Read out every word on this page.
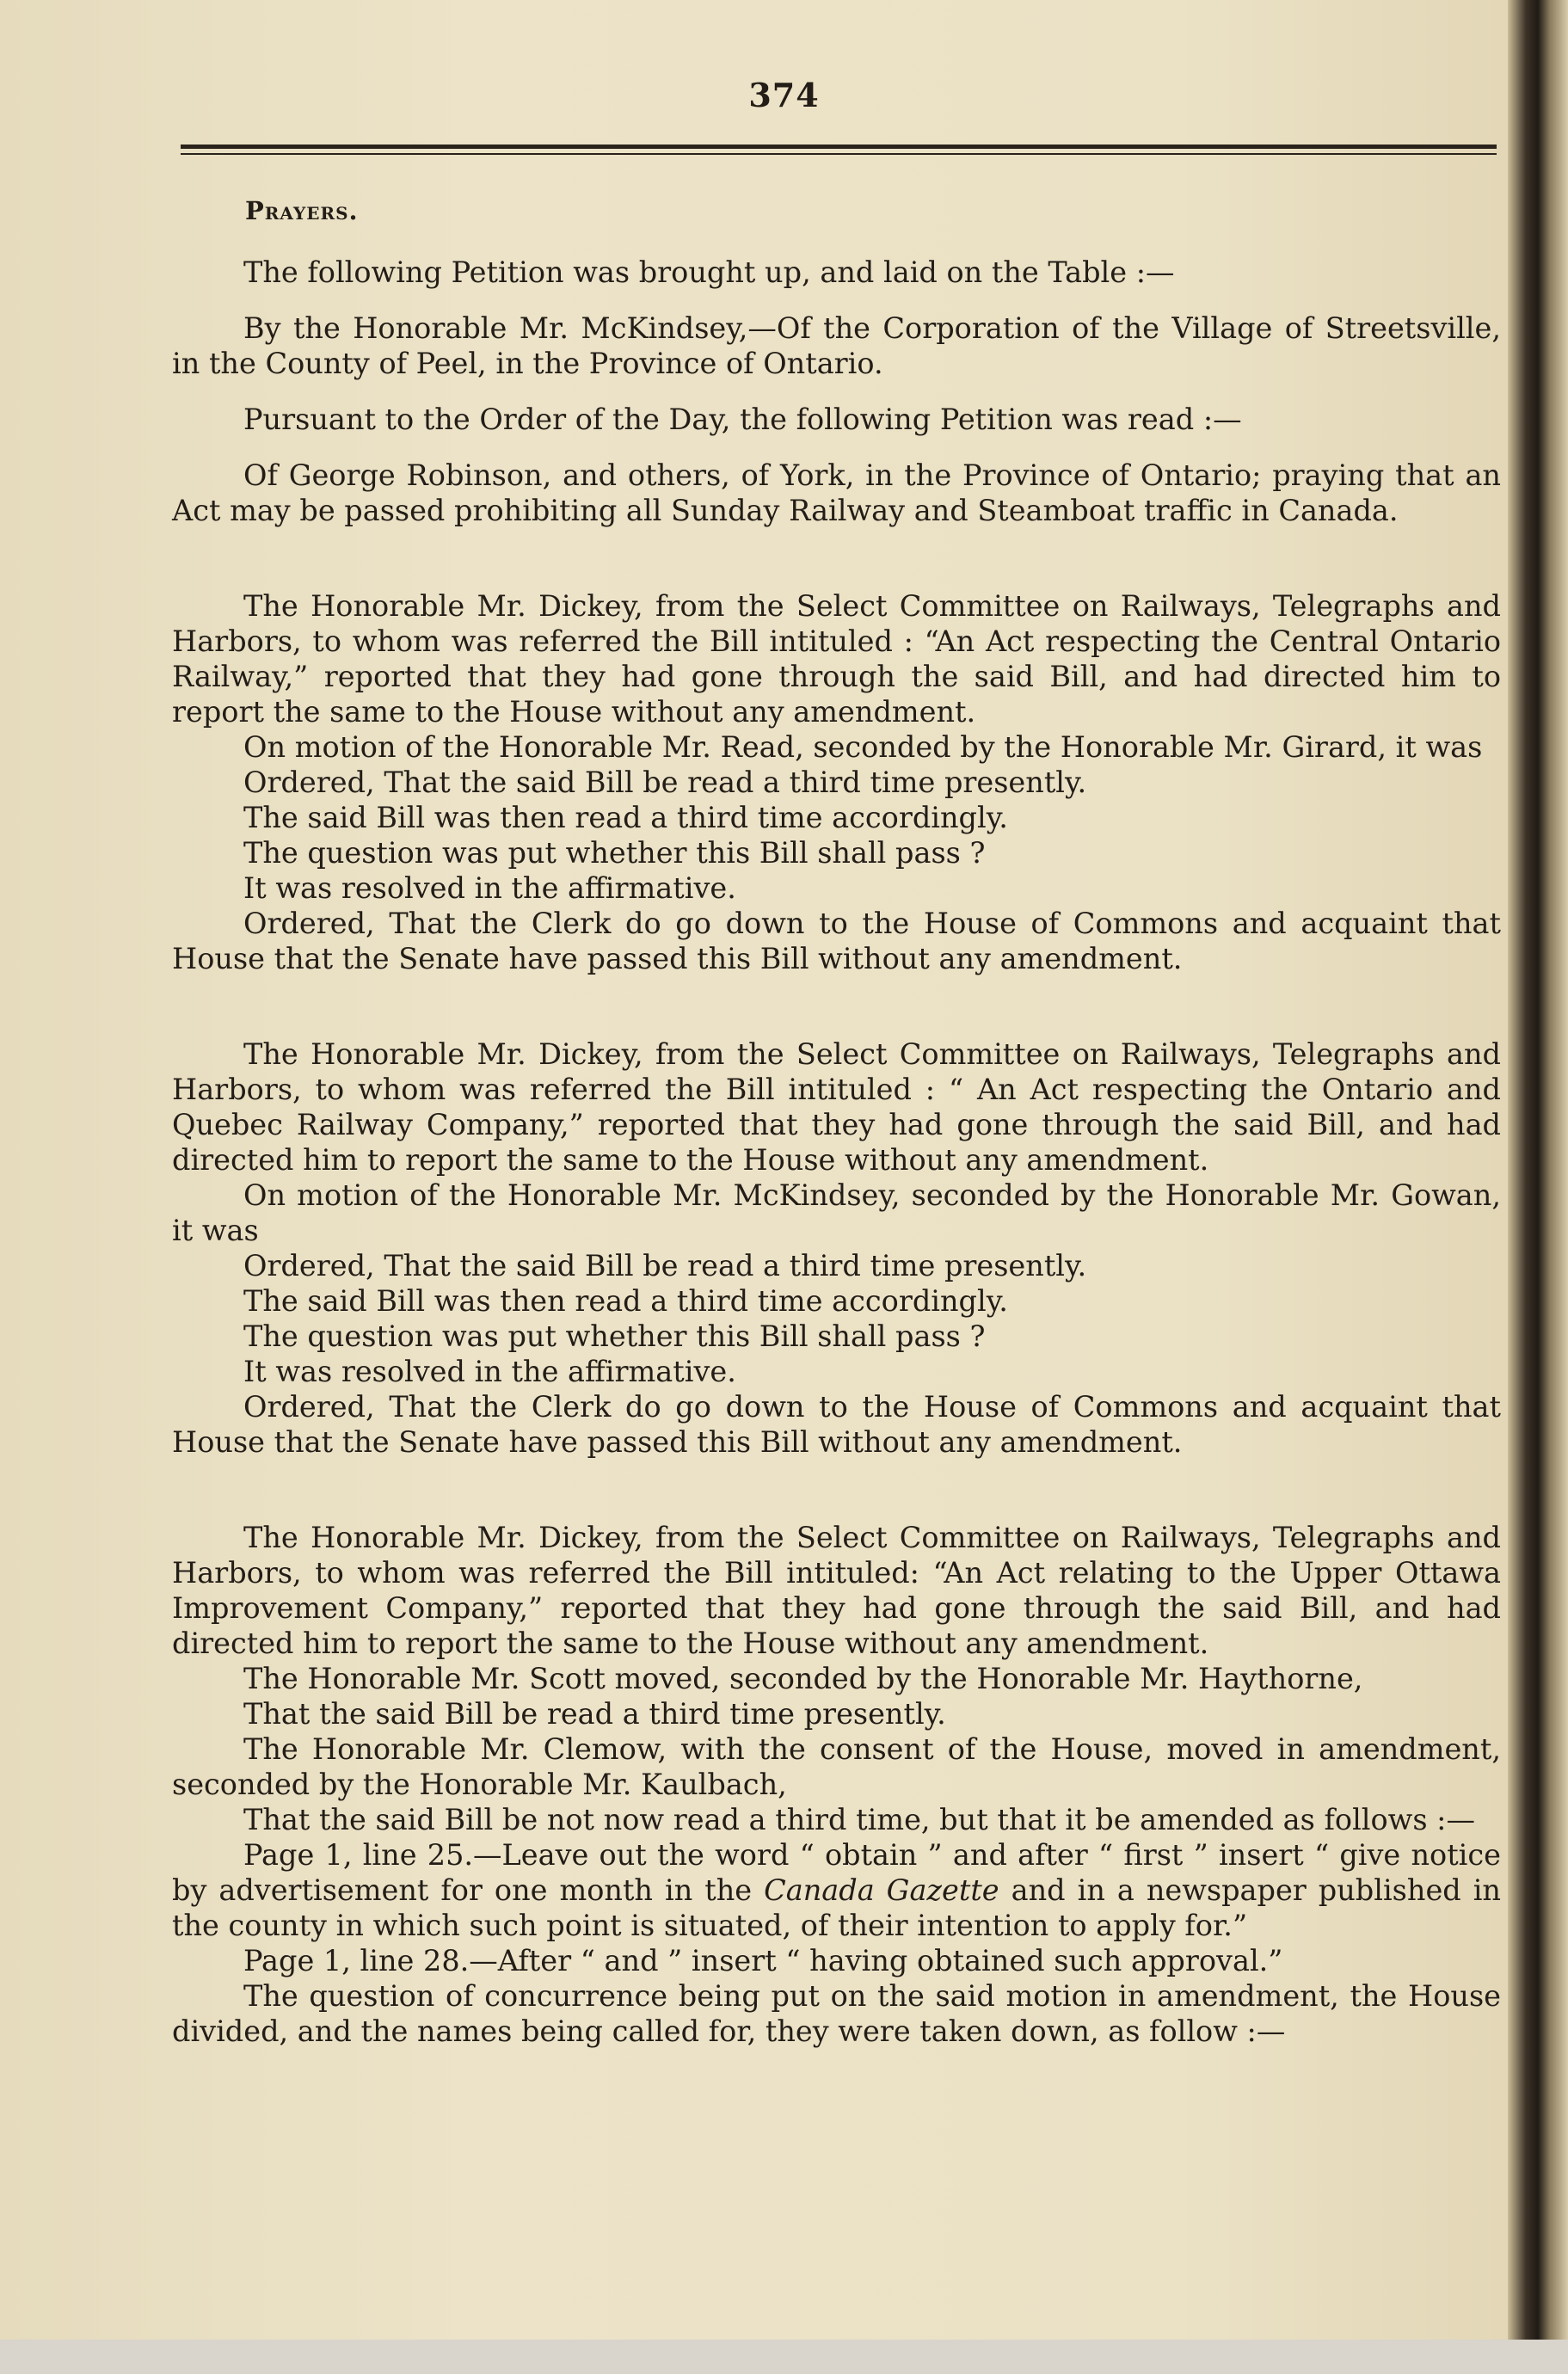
374

Prayers.

The following Petition was brought up, and laid on the Table :—

By the Honorable Mr. McKindsey,—Of the Corporation of the Village of Streetsville, in the County of Peel, in the Province of Ontario.

Pursuant to the Order of the Day, the following Petition was read :—

Of George Robinson, and others, of York, in the Province of Ontario; praying that an Act may be passed prohibiting all Sunday Railway and Steamboat traffic in Canada.

The Honorable Mr. Dickey, from the Select Committee on Railways, Telegraphs and Harbors, to whom was referred the Bill intituled : “An Act respecting the Central Ontario Railway,” reported that they had gone through the said Bill, and had directed him to report the same to the House without any amendment.

On motion of the Honorable Mr. Read, seconded by the Honorable Mr. Girard, it was

Ordered, That the said Bill be read a third time presently.

The said Bill was then read a third time accordingly.

The question was put whether this Bill shall pass ?

It was resolved in the affirmative.

Ordered, That the Clerk do go down to the House of Commons and acquaint that House that the Senate have passed this Bill without any amendment.

The Honorable Mr. Dickey, from the Select Committee on Railways, Telegraphs and Harbors, to whom was referred the Bill intituled : “ An Act respecting the Ontario and Quebec Railway Company,” reported that they had gone through the said Bill, and had directed him to report the same to the House without any amendment.

On motion of the Honorable Mr. McKindsey, seconded by the Honorable Mr. Gowan, it was

Ordered, That the said Bill be read a third time presently.

The said Bill was then read a third time accordingly.

The question was put whether this Bill shall pass ?

It was resolved in the affirmative.

Ordered, That the Clerk do go down to the House of Commons and acquaint that House that the Senate have passed this Bill without any amendment.

The Honorable Mr. Dickey, from the Select Committee on Railways, Telegraphs and Harbors, to whom was referred the Bill intituled: “An Act relating to the Upper Ottawa Improvement Company,” reported that they had gone through the said Bill, and had directed him to report the same to the House without any amendment.

The Honorable Mr. Scott moved, seconded by the Honorable Mr. Haythorne,

That the said Bill be read a third time presently.

The Honorable Mr. Clemow, with the consent of the House, moved in amendment, seconded by the Honorable Mr. Kaulbach,

That the said Bill be not now read a third time, but that it be amended as follows :—

Page 1, line 25.—Leave out the word “ obtain ” and after “ first ” insert “ give notice by advertisement for one month in the Canada Gazette and in a newspaper published in the county in which such point is situated, of their intention to apply for.”

Page 1, line 28.—After “ and ” insert “ having obtained such approval.”

The question of concurrence being put on the said motion in amendment, the House divided, and the names being called for, they were taken down, as follow :—
